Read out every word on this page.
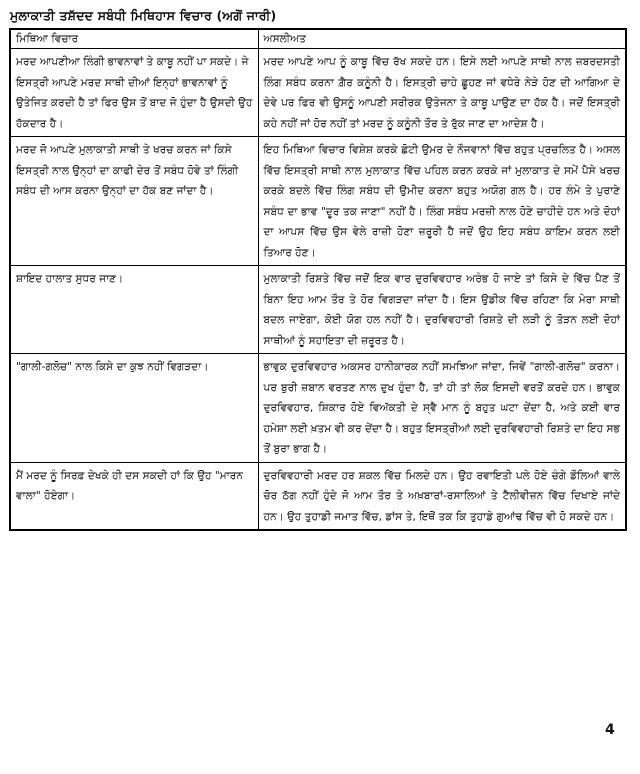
ਮੁਲਾਕਾਤੀ ਤਸ਼ੱਦਦ ਸਬੰਧੀ ਮਿਥਿਹਾਸ ਵਿਚਾਰ (ਅਗੋਂ ਜਾਰੀ)
ਮਿਥਿਆ ਵਿਚਾਰ	ਅਸਲੀਅਤ
ਮਰਦ ਆਪਣੀਆ ਲਿੰਗੀ ਭਾਵਨਾਵਾਂ ਤੇ ਕਾਬੂ ਨਹੀਂ ਪਾ ਸਕਦੇ। ਜੇ ਇਸਤ੍ਰੀ ਆਪਣੇ ਮਰਦ ਸਾਥੀ ਦੀਆਂ ਇਨ੍ਹਾਂ ਭਾਵਨਾਵਾਂ ਨੂੰ ਉਤੇਜਿਤ ਕਰਦੀ ਹੈ ਤਾਂ ਫਿਰ ਉਸ ਤੋਂ ਬਾਦ ਜੋ ਹੁੰਦਾ ਹੈ ਉਸਦੀ ਉਹ ਹੱਕਦਾਰ ਹੈ।	ਮਰਦ ਆਪਣੇ ਆਪ ਨੂੰ ਕਾਬੂ ਵਿੱਚ ਰੱਖ ਸਕਦੇ ਹਨ। ਇਸੇ ਲਈ ਆਪਣੇ ਸਾਥੀ ਨਾਲ ਜ਼ਬਰਦਸਤੀ ਲਿੰਗ ਸਬੰਧ ਕਰਨਾ ਗ਼ੈਰ ਕਨੂੰਨੀ ਹੈ। ਇਸਤ੍ਰੀ ਚਾਹੇ ਛੂਹਣ ਜਾਂ ਵਧੇਰੇ ਨੇੜੇ ਹੋਣ ਦੀ ਆਗਿਆ ਦੇ ਦੇਵੇ ਪਰ ਫਿਰ ਵੀ ਉਸਨੂੰ ਆਪਣੀ ਸਰੀਰਕ ਉਤੇਜਨਾ ਤੇ ਕਾਬੂ ਪਾਉਣ ਦਾ ਹੱਕ ਹੈ। ਜਦੋਂ ਇਸਤ੍ਰੀ ਕਹੇ ਨਹੀਂ ਜਾਂ ਹੋਰ ਨਹੀਂ ਤਾਂ ਮਰਦ ਨੂੰ ਕਨੂੰਨੀ ਤੌਰ ਤੇ ਰੁੱਕ ਜਾਣ ਦਾ ਆਦੇਸ਼ ਹੈ।
ਮਰਦ ਜੋ ਆਪਣੇ ਮੁਲਾਕਾਤੀ ਸਾਥੀ ਤੇ ਖਰਚ ਕਰਨ ਜਾਂ ਕਿਸੇ ਇਸਤ੍ਰੀ ਨਾਲ ਉਨ੍ਹਾਂ ਦਾ ਕਾਫੀ ਦੇਰ ਤੋਂ ਸਬੰਧ ਹੋਵੇ ਤਾਂ ਲਿੰਗੀ ਸਬੰਧ ਦੀ ਆਸ ਕਰਨਾ ਉਨ੍ਹਾਂ ਦਾ ਹੱਕ ਬਣ ਜਾਂਦਾ ਹੈ।	ਇਹ ਮਿਥਿਆ ਵਿਚਾਰ ਵਿਸ਼ੇਸ਼ ਕਰਕੇ ਛੋਟੀ ਉਮਰ ਦੇ ਨੌਜਵਾਨਾਂ ਵਿੱਚ ਬਹੁਤ ਪ੍ਰਚਲਿਤ ਹੈ। ਅਸਲ ਵਿੱਚ ਇਸਤ੍ਰੀ ਸਾਥੀ ਨਾਲ ਮੁਲਾਕਾਤ ਵਿੱਚ ਪਹਿਲ ਕਰਨ ਕਰਕੇ ਜਾਂ ਮੁਲਾਕਾਤ ਦੇ ਸਮੇਂ ਪੈਸੇ ਖਰਚ ਕਰਕੇ ਬਦਲੇ ਵਿੱਚ ਲਿੰਗ ਸਬੰਧ ਦੀ ਉਮੀਦ ਕਰਨਾ ਬਹੁਤ ਅਯੋਗ ਗਲ ਹੈ। ਹਰ ਲੰਮੇ ਤੇ ਪੁਰਾਣੇ ਸਬੰਧ ਦਾ ਭਾਵ "ਦੂਰ ਤਕ ਜਾਣਾ" ਨਹੀਂ ਹੈ। ਲਿੰਗ ਸਬੰਧ ਮਰਜ਼ੀ ਨਾਲ ਹੋਣੇ ਚਾਹੀਦੇ ਹਨ ਅਤੇ ਦੋਹਾਂ ਦਾ ਆਪਸ ਵਿੱਚ ਉਸ ਵੇਲੇ ਰਾਜ਼ੀ ਹੋਣਾ ਜ਼ਰੂਰੀ ਹੈ ਜਦੋਂ ਉਹ ਇਹ ਸਬੰਧ ਕਾਇਮ ਕਰਨ ਲਈ ਤਿਆਰ ਹੋਣ।
ਸ਼ਾਇਦ ਹਾਲਾਤ ਸੁਧਰ ਜਾਣ।	ਮੁਲਾਕਾਤੀ ਰਿਸ਼ਤੇ ਵਿੱਚ ਜਦੋਂ ਇਕ ਵਾਰ ਦੁਰਵਿਵਹਾਰ ਅਰੰਭ ਹੋ ਜਾਏ ਤਾਂ ਕਿਸੇ ਦੇ ਵਿੱਚ ਪੈਣ ਤੋਂ ਬਿਨਾ ਇਹ ਆਮ ਤੌਰ ਤੇ ਹੋਰ ਵਿਗੜਦਾ ਜਾਂਦਾ ਹੈ। ਇਸ ਉਡੀਕ ਵਿੱਚ ਰਹਿਣਾ ਕਿ ਮੇਰਾ ਸਾਥੀ ਬਦਲ ਜਾਏਗਾ, ਕੋਈ ਯੋਗ ਹਲ ਨਹੀਂ ਹੈ। ਦੁਰਵਿਵਹਾਰੀ ਰਿਸ਼ਤੇ ਦੀ ਲੜੀ ਨੂੰ ਤੋੜਨ ਲਈ ਦੋਹਾਂ ਸਾਥੀਆਂ ਨੂੰ ਸਹਾਇਤਾ ਦੀ ਜ਼ਰੂਰਤ ਹੈ।
"ਗਾਲੀ-ਗਲੋਚ" ਨਾਲ ਕਿਸੇ ਦਾ ਕੁਝ ਨਹੀਂ ਵਿਗੜਦਾ।	ਭਾਵੁਕ ਦੁਰਵਿਵਹਾਰ ਅਕਸਰ ਹਾਨੀਕਾਰਕ ਨਹੀਂ ਸਮਝਿਆ ਜਾਂਦਾ, ਜਿਵੇਂ "ਗਾਲੀ-ਗਲੋਚ" ਕਰਨਾ। ਪਰ ਬੁਰੀ ਜ਼ਬਾਨ ਵਰਤਣ ਨਾਲ ਦੁਖ ਹੁੰਦਾ ਹੈ, ਤਾਂ ਹੀ ਤਾਂ ਲੋਕ ਇਸਦੀ ਵਰਤੋਂ ਕਰਦੇ ਹਨ। ਭਾਵੁਕ ਦੁਰਵਿਵਹਾਰ, ਸ਼ਿਕਾਰ ਹੋਏ ਵਿਅੱਕਤੀ ਦੇ ਸ੍ਵੈ ਮਾਨ ਨੂੰ ਬਹੁਤ ਘਟਾ ਦੇਂਦਾ ਹੈ, ਅਤੇ ਕਈ ਵਾਰ ਹਮੇਸ਼ਾ ਲਈ ਖ਼ਤਮ ਵੀ ਕਰ ਦੇਂਦਾ ਹੈ। ਬਹੁਤ ਇਸਤ੍ਰੀਆਂ ਲਈ ਦੁਰਵਿਵਹਾਰੀ ਰਿਸ਼ਤੇ ਦਾ ਇਹ ਸਭ ਤੋਂ ਬੁਰਾ ਭਾਗ ਹੈ।
ਮੈਂ ਮਰਦ ਨੂੰ ਸਿਰਫ਼ ਦੇਖਕੇ ਹੀ ਦਸ ਸਕਦੀ ਹਾਂ ਕਿ ਉਹ "ਮਾਰਨ ਵਾਲਾ" ਹੋਏਗਾ।	ਦੁਰਵਿਵਹਾਰੀ ਮਰਦ ਹਰ ਸ਼ਕਲ ਵਿੱਚ ਮਿਲਦੇ ਹਨ। ਉਹ ਰਵਾਇਤੀ ਪਲੇ ਹੋਏ ਚੰਗੇ ਡੌਲਿਆਂ ਵਾਲੇ ਚੋਰ ਠੱਗ ਨਹੀਂ ਹੁੰਦੇ ਜੋ ਆਮ ਤੌਰ ਤੇ ਅਖ਼ਬਾਰਾਂ-ਰਸਾਲਿਆਂ ਤੇ ਟੈਲੀਵੀਜ਼ਨ ਵਿੱਚ ਦਿਖਾਏ ਜਾਂਦੇ ਹਨ। ਉਹ ਤੁਹਾਡੀ ਜਮਾਤ ਵਿੱਚ, ਡਾਂਸ ਤੇ, ਇਥੋਂ ਤਕ ਕਿ ਤੁਹਾਡੇ ਗੁਆਂਢ ਵਿੱਚ ਵੀ ਹੋ ਸਕਦੇ ਹਨ।
4
